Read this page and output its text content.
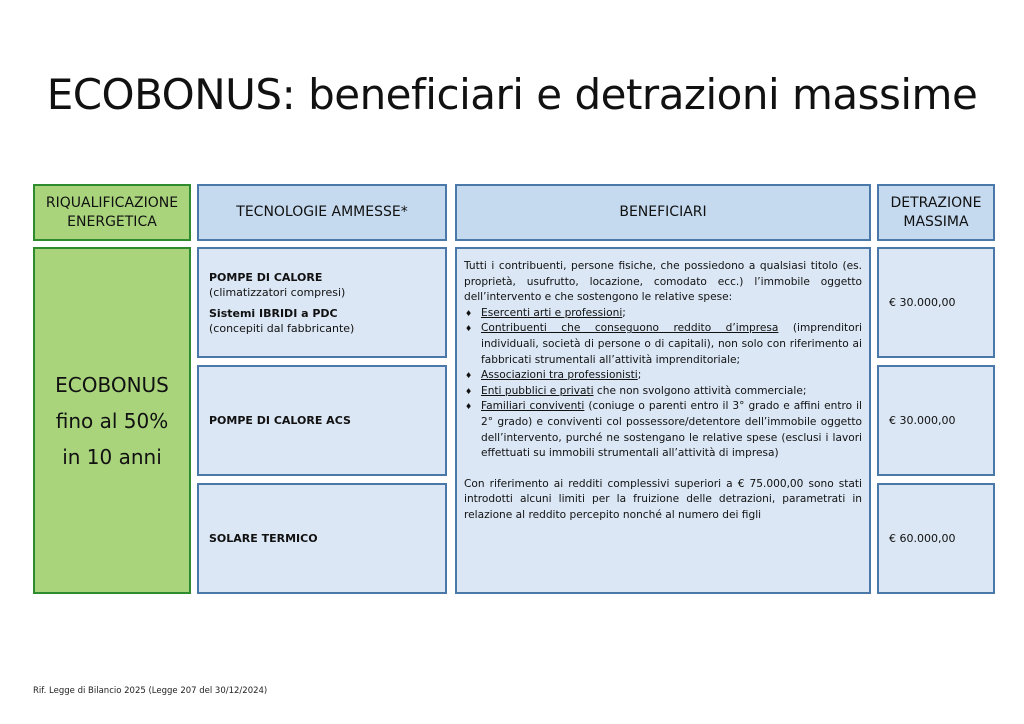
ECOBONUS: beneficiari e detrazioni massime
RIQUALIFICAZIONE
ENERGETICA
TECNOLOGIE AMMESSE*	BENEFICIARI
DETRAZIONE
MASSIMA
ECOBONUS
fino al 50%
in 10 anni
POMPE DI CALORE
(climatizzatori compresi)
Sistemi IBRIDI a PDC
(concepiti dal fabbricante)
POMPE DI CALORE ACS
SOLARE TERMICO

Tutti i contribuenti, persone fisiche, che possiedono a qualsiasi titolo (es. proprietà, usufrutto, locazione, comodato ecc.) l’immobile oggetto dell’intervento e che sostengono le relative spese:

♦ Esercenti arti e professioni;
♦ Contribuenti che conseguono reddito d’impresa (imprenditori individuali, società di persone o di capitali), non solo con riferimento ai fabbricati strumentali all’attività imprenditoriale;
♦ Associazioni tra professionisti;
♦ Enti pubblici e privati che non svolgono attività commerciale;
♦ Familiari conviventi (coniuge o parenti entro il 3° grado e affini entro il 2° grado) e conviventi col possessore/detentore dell’immobile oggetto dell’intervento, purché ne sostengano le relative spese (esclusi i lavori effettuati su immobili strumentali all’attività di impresa)

Con riferimento ai redditi complessivi superiori a € 75.000,00 sono stati introdotti alcuni limiti per la fruizione delle detrazioni, parametrati in relazione al reddito percepito nonché al numero dei figli

€ 30.000,00
€ 30.000,00
€ 60.000,00
Rif. Legge di Bilancio 2025 (Legge 207 del 30/12/2024)
